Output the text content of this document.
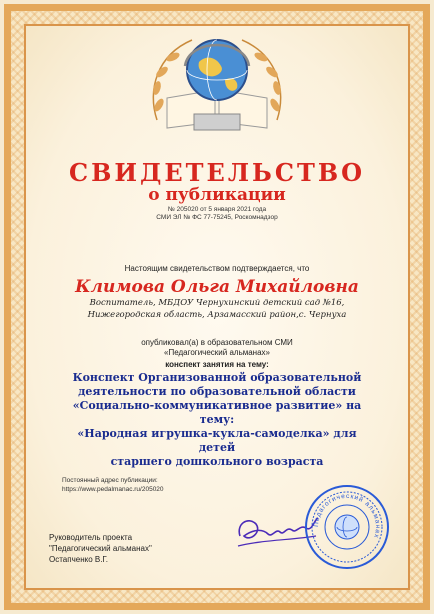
СВИДЕТЕЛЬСТВО
о публикации
№ 205020 от 5 января 2021 года
СМИ ЭЛ № ФС 77-75245, Роскомнадзор
Настоящим свидетельством подтверждается, что
Климова Ольга Михайловна
Воспитатель, МБДОУ Чернухинский детский сад №16,
Нижегородская область, Арзамасский район,с. Чернуха
опубликовал(а) в образовательном СМИ
«Педагогический альманах»
конспект занятия на тему:
Конспект Организованной образовательной
деятельности по образовательной области
«Социально-коммуникативное развитие» на тему:
«Народная игрушка-кукла-самоделка» для детей
старшего дошкольного возраста
Постоянный адрес публикации:
https://www.pedalmanac.ru/205020
Руководитель проекта
"Педагогический альманах"
Остапченко В.Г.
Педагогический альманах
